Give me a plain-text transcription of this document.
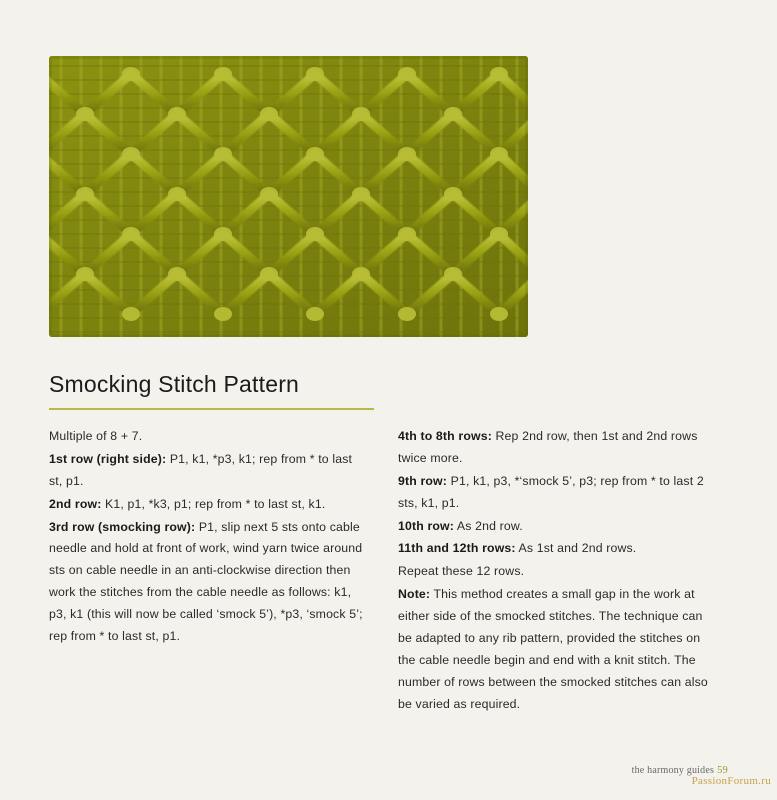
Smocking Stitch Pattern

Multiple of 8 + 7.

1st row (right side): P1, k1, *p3, k1; rep from * to last st, p1.

2nd row: K1, p1, *k3, p1; rep from * to last st, k1.

3rd row (smocking row): P1, slip next 5 sts onto cable needle and hold at front of work, wind yarn twice around sts on cable needle in an anti-clockwise direction then work the stitches from the cable needle as follows: k1, p3, k1 (this will now be called ‘smock 5’), *p3, ‘smock 5’; rep from * to last st, p1.

4th to 8th rows: Rep 2nd row, then 1st and 2nd rows twice more.

9th row: P1, k1, p3, *‘smock 5’, p3; rep from * to last 2 sts, k1, p1.

10th row: As 2nd row.

11th and 12th rows: As 1st and 2nd rows.

Repeat these 12 rows.

Note: This method creates a small gap in the work at either side of the smocked stitches. The technique can be adapted to any rib pattern, provided the stitches on the cable needle begin and end with a knit stitch. The number of rows between the smocked stitches can also be varied as required.

the harmony guides 59
PassionForum.ru
